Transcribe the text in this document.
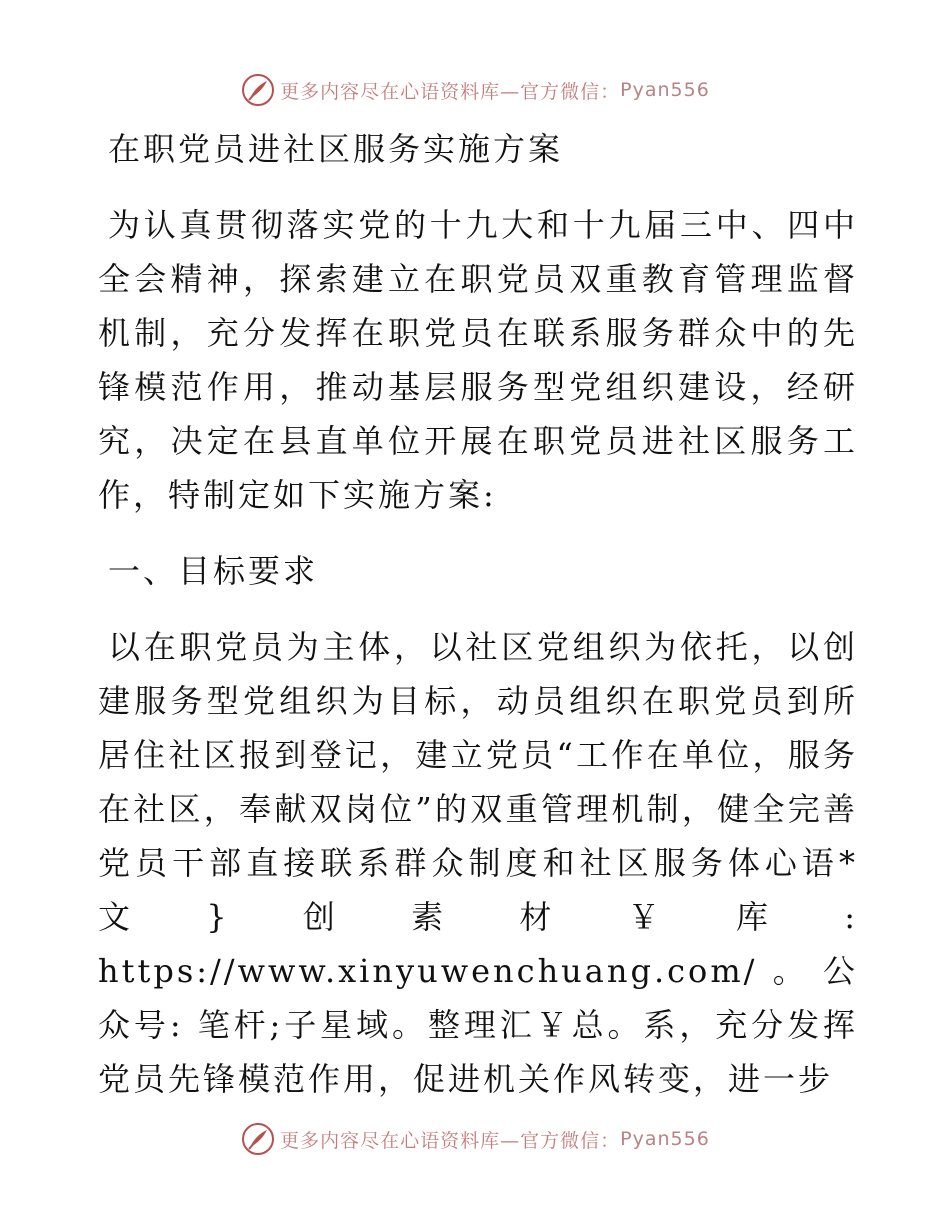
更多内容尽在心语资料库—官方微信： Pyan556

在职党员进社区服务实施方案

为认真贯彻落实党的十九大和十九届三中、四中全会精神，探索建立在职党员双重教育管理监督机制，充分发挥在职党员在联系服务群众中的先锋模范作用，推动基层服务型党组织建设，经研究，决定在县直单位开展在职党员进社区服务工作，特制定如下实施方案:

一、目标要求

以在职党员为主体，以社区党组织为依托，以创建服务型党组织为目标，动员组织在职党员到所居住社区报到登记，建立党员“工作在单位，服务在社区，奉献双岗位”的双重管理机制，健全完善党员干部直接联系群众制度和社区服务体心语*文}创素材￥库: https://www.xinyuwenchuang.com/。公众号: 笔杆;子星域。整理汇￥总。系，充分发挥党员先锋模范作用，促进机关作风转变，进一步

更多内容尽在心语资料库—官方微信： Pyan556
